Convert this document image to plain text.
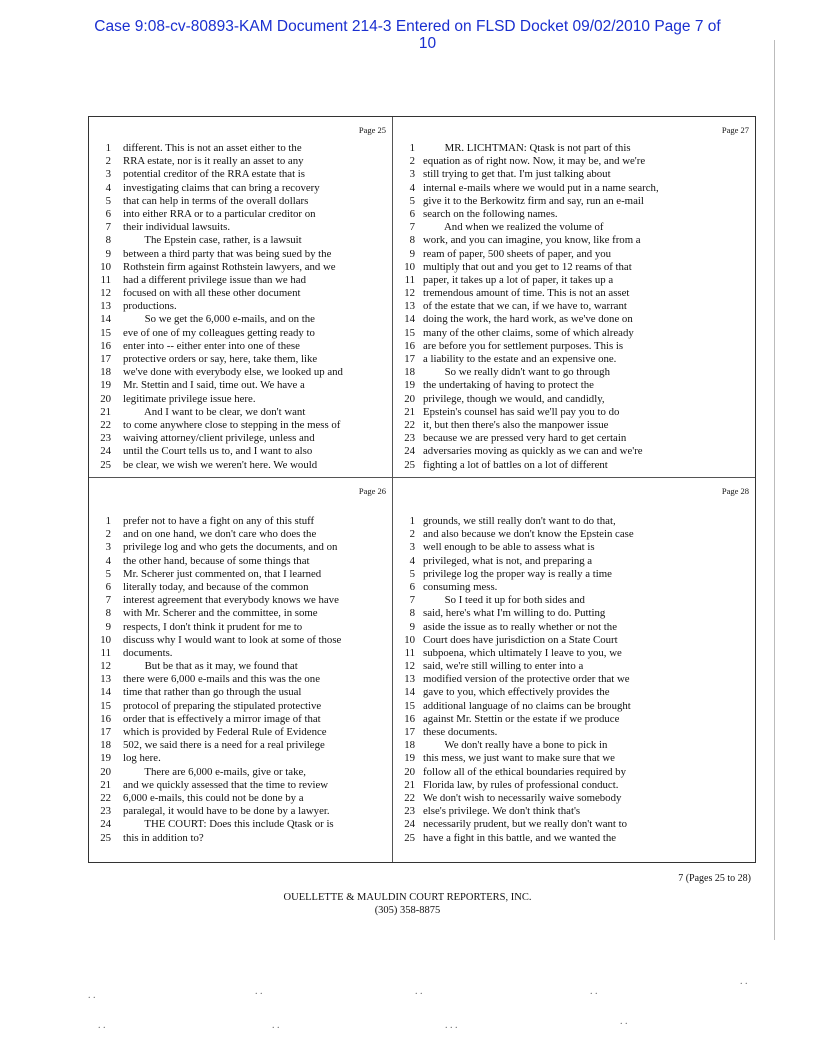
Case 9:08-cv-80893-KAM Document 214-3 Entered on FLSD Docket 09/02/2010 Page 7 of
10
Page 25
1 different. This is not an asset either to the
2 RRA estate, nor is it really an asset to any
3 potential creditor of the RRA estate that is
4 investigating claims that can bring a recovery
5 that can help in terms of the overall dollars
6 into either RRA or to a particular creditor on
7 their individual lawsuits.
8 The Epstein case, rather, is a lawsuit
9 between a third party that was being sued by the
10 Rothstein firm against Rothstein lawyers, and we
11 had a different privilege issue than we had
12 focused on with all these other document
13 productions.
14 So we get the 6,000 e-mails, and on the
15 eve of one of my colleagues getting ready to
16 enter into -- either enter into one of these
17 protective orders or say, here, take them, like
18 we've done with everybody else, we looked up and
19 Mr. Stettin and I said, time out. We have a
20 legitimate privilege issue here.
21 And I want to be clear, we don't want
22 to come anywhere close to stepping in the mess of
23 waiving attorney/client privilege, unless and
24 until the Court tells us to, and I want to also
25 be clear, we wish we weren't here. We would
Page 27
1 MR. LICHTMAN: Qtask is not part of this
2 equation as of right now. Now, it may be, and we're
3 still trying to get that. I'm just talking about
4 internal e-mails where we would put in a name search,
5 give it to the Berkowitz firm and say, run an e-mail
6 search on the following names.
7 And when we realized the volume of
8 work, and you can imagine, you know, like from a
9 ream of paper, 500 sheets of paper, and you
10 multiply that out and you get to 12 reams of that
11 paper, it takes up a lot of paper, it takes up a
12 tremendous amount of time. This is not an asset
13 of the estate that we can, if we have to, warrant
14 doing the work, the hard work, as we've done on
15 many of the other claims, some of which already
16 are before you for settlement purposes. This is
17 a liability to the estate and an expensive one.
18 So we really didn't want to go through
19 the undertaking of having to protect the
20 privilege, though we would, and candidly,
21 Epstein's counsel has said we'll pay you to do
22 it, but then there's also the manpower issue
23 because we are pressed very hard to get certain
24 adversaries moving as quickly as we can and we're
25 fighting a lot of battles on a lot of different
Page 26
1 prefer not to have a fight on any of this stuff
2 and on one hand, we don't care who does the
3 privilege log and who gets the documents, and on
4 the other hand, because of some things that
5 Mr. Scherer just commented on, that I learned
6 literally today, and because of the common
7 interest agreement that everybody knows we have
8 with Mr. Scherer and the committee, in some
9 respects, I don't think it prudent for me to
10 discuss why I would want to look at some of those
11 documents.
12 But be that as it may, we found that
13 there were 6,000 e-mails and this was the one
14 time that rather than go through the usual
15 protocol of preparing the stipulated protective
16 order that is effectively a mirror image of that
17 which is provided by Federal Rule of Evidence
18 502, we said there is a need for a real privilege
19 log here.
20 There are 6,000 e-mails, give or take,
21 and we quickly assessed that the time to review
22 6,000 e-mails, this could not be done by a
23 paralegal, it would have to be done by a lawyer.
24 THE COURT: Does this include Qtask or is
25 this in addition to?
Page 28
1 grounds, we still really don't want to do that,
2 and also because we don't know the Epstein case
3 well enough to be able to assess what is
4 privileged, what is not, and preparing a
5 privilege log the proper way is really a time
6 consuming mess.
7 So I teed it up for both sides and
8 said, here's what I'm willing to do. Putting
9 aside the issue as to really whether or not the
10 Court does have jurisdiction on a State Court
11 subpoena, which ultimately I leave to you, we
12 said, we're still willing to enter into a
13 modified version of the protective order that we
14 gave to you, which effectively provides the
15 additional language of no claims can be brought
16 against Mr. Stettin or the estate if we produce
17 these documents.
18 We don't really have a bone to pick in
19 this mess, we just want to make sure that we
20 follow all of the ethical boundaries required by
21 Florida law, by rules of professional conduct.
22 We don't wish to necessarily waive somebody
23 else's privilege. We don't think that's
24 necessarily prudent, but we really don't want to
25 have a fight in this battle, and we wanted the
7 (Pages 25 to 28)
OUELLETTE & MAULDIN COURT REPORTERS, INC.
(305) 358-8875
. .	. .	. .	. .
. .
. .	. .	. . .	. .
